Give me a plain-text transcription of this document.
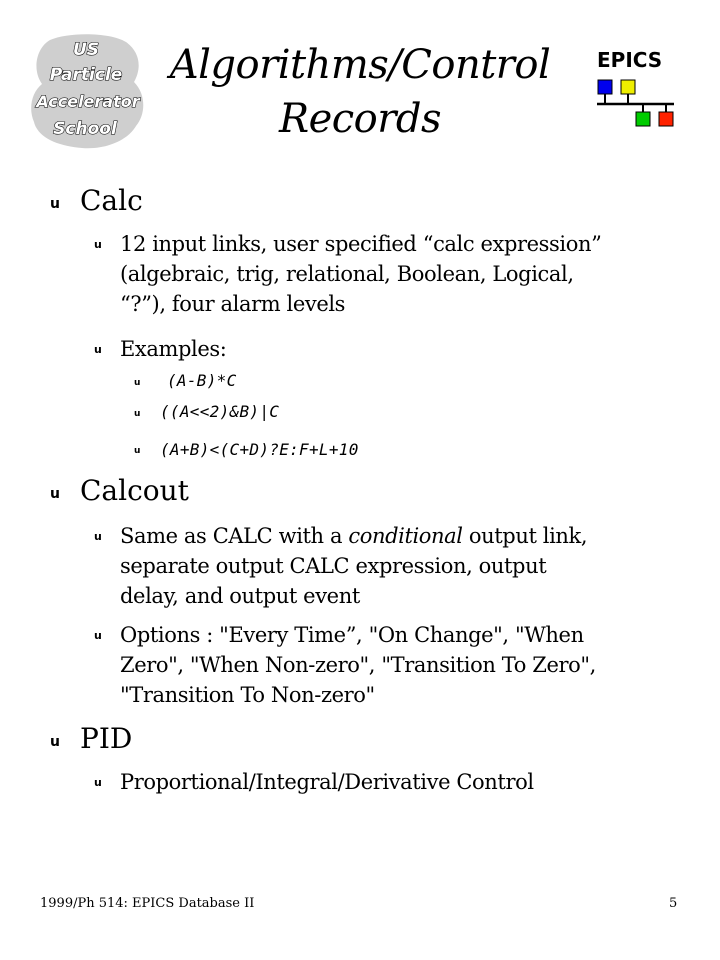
US
Particle
Accelerator
School
Algorithms/Control
Records
EPICS
u Calc
u 12 input links, user specified “calc expression”
(algebraic, trig, relational, Boolean, Logical,
“?”), four alarm levels
u Examples:
u (A-B)*C
u ((A<<2)&B)|C
u (A+B)<(C+D)?E:F+L+10
u Calcout
u Same as CALC with a conditional output link,
separate output CALC expression, output
delay, and output event
u Options : "Every Time”, "On Change", "When
Zero", "When Non-zero", "Transition To Zero",
"Transition To Non-zero"
u PID
u Proportional/Integral/Derivative Control
1999/Ph 514: EPICS Database II	5
